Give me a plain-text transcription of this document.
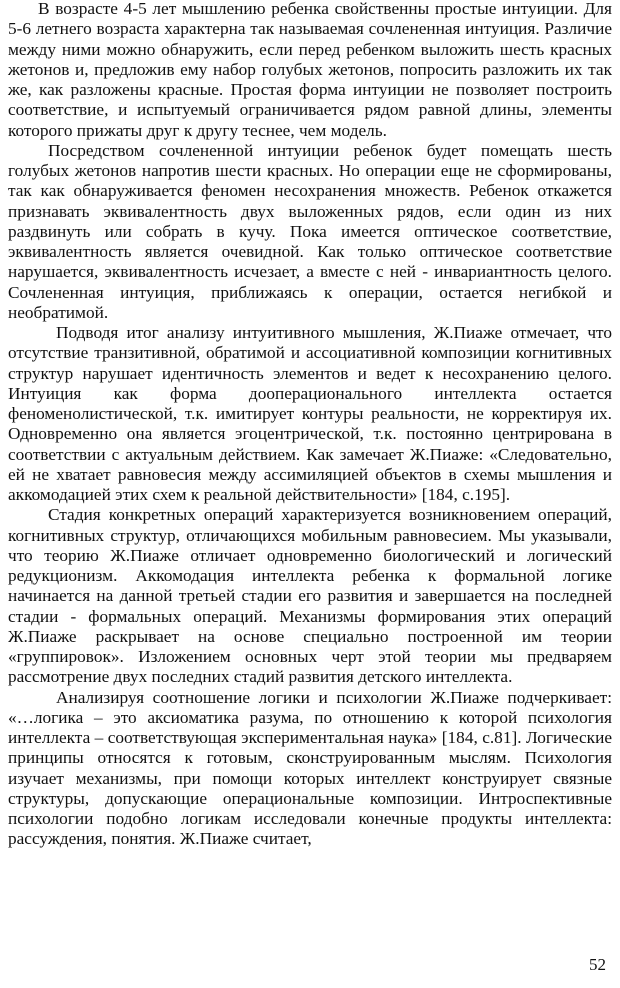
В возрасте 4-5 лет мышлению ребенка свойственны простые интуиции. Для 5-6 летнего возраста характерна так называемая сочлененная интуиция. Различие между ними можно обнаружить, если перед ребенком выложить шесть красных жетонов и, предложив ему набор голубых жетонов, попросить разложить их так же, как разложены красные. Простая форма интуиции не позволяет построить соответствие, и испытуемый ограничивается рядом равной длины, элементы которого прижаты друг к другу теснее, чем модель.

Посредством сочлененной интуиции ребенок будет помещать шесть голубых жетонов напротив шести красных. Но операции еще не сформированы, так как обнаруживается феномен несохранения множеств. Ребенок откажется признавать эквивалентность двух выложенных рядов, если один из них раздвинуть или собрать в кучу. Пока имеется оптическое соответствие, эквивалентность является очевидной. Как только оптическое соответствие нарушается, эквивалентность исчезает, а вместе с ней - инвариантность целого. Сочлененная интуиция, приближаясь к операции, остается негибкой и необратимой.

Подводя итог анализу интуитивного мышления, Ж.Пиаже отмечает, что отсутствие транзитивной, обратимой и ассоциативной композиции когнитивных структур нарушает идентичность элементов и ведет к несохранению целого. Интуиция как форма дооперационального интеллекта остается феноменолистической, т.к. имитирует контуры реальности, не корректируя их. Одновременно она является эгоцентрической, т.к. постоянно центрирована в соответствии с актуальным действием. Как замечает Ж.Пиаже: «Следовательно, ей не хватает равновесия между ассимиляцией объектов в схемы мышления и аккомодацией этих схем к реальной действительности» [184, с.195].

Стадия конкретных операций характеризуется возникновением операций, когнитивных структур, отличающихся мобильным равновесием. Мы указывали, что теорию Ж.Пиаже отличает одновременно биологический и логический редукционизм. Аккомодация интеллекта ребенка к формальной логике начинается на данной третьей стадии его развития и завершается на последней стадии - формальных операций. Механизмы формирования этих операций Ж.Пиаже раскрывает на основе специально построенной им теории «группировок». Изложением основных черт этой теории мы предваряем рассмотрение двух последних стадий развития детского интеллекта.

Анализируя соотношение логики и психологии Ж.Пиаже подчеркивает: «…логика – это аксиоматика разума, по отношению к которой психология интеллекта – соответствующая экспериментальная наука» [184, с.81]. Логические принципы относятся к готовым, сконструированным мыслям. Психология изучает механизмы, при помощи которых интеллект конструирует связные структуры, допускающие операциональные композиции. Интроспективные психологии подобно логикам исследовали конечные продукты интеллекта: рассуждения, понятия. Ж.Пиаже считает,

52
